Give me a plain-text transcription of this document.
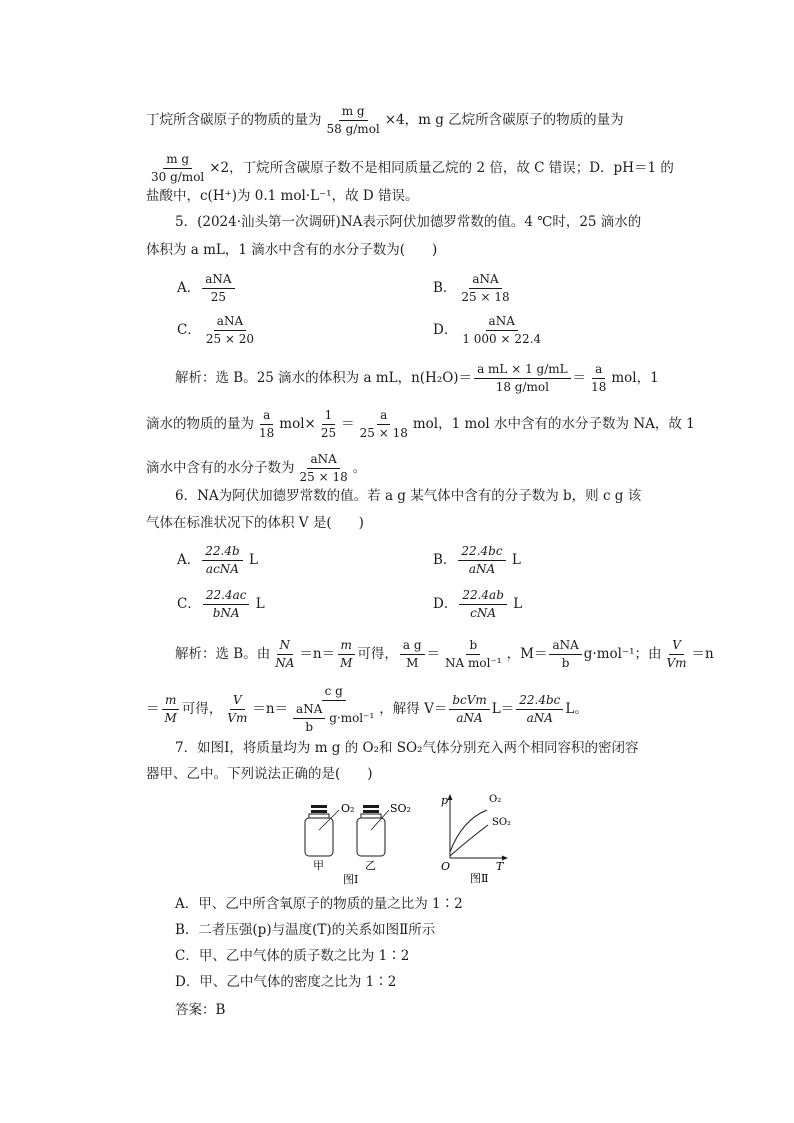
丁烷所含碳原子的物质的量为 $\frac{\text{m g}}{\text{58 g/mol}} \times 4$，m g 乙烷所含碳原子的物质的量为
$\frac{\text{m g}}{\text{30 g/mol}} \times 2$，丁烷所含碳原子数不是相同质量乙烷的 2 倍，故 C 错误；D．pH＝1 的
盐酸中，c(H⁺)为 0.1 mol·L⁻¹，故 D 错误。
5．(2024·汕头第一次调研)NA表示阿伏加德罗常数的值。4 ℃时，25 滴水的
体积为 a mL，1 滴水中含有的水分子数为(　　)
A． $\frac{\text{aNA}}{25}$	B． $\frac{\text{aNA}}{25 \times 18}$
C． $\frac{\text{aNA}}{25 \times 20}$	D． $\frac{\text{aNA}}{1 000 \times 22.4}$
解析：选 B。25 滴水的体积为 a mL，$n(H_2O)= \frac{\text{a mL × 1 g/mL}}{\text{18 g/mol}} = \frac{a}{18}$ mol，1
滴水的物质的量为 $\frac{a}{18} mol\times \frac{1}{25} = \frac{a}{25 \times 18}$ mol，1 mol 水中含有的水分子数为 NA，故 1
滴水中含有的水分子数为 $\frac{\text{aNA}}{25 \times 18}$ 。
6．NA为阿伏加德罗常数的值。若 a g 某气体中含有的分子数为 b，则 c g 该
气体在标准状况下的体积 V 是(　　)
A． $\frac{22.4b}{\text{acNA}}$ L	B． $\frac{22.4bc}{\text{aNA}}$ L
C． $\frac{22.4ac}{\text{bNA}}$ L	D． $\frac{22.4ab}{\text{cNA}}$ L
解析：选 B。由 $\frac{N}{NA} =n= \frac{m}{M}$ 可得， $\frac{\text{a g}}{M} = \frac{b}{\text{NA mol⁻¹}}$ ，$M= \frac{\text{aNA}}{b} g\cdot mol^{-1}$；由 $\frac{V}{Vm} =n$
＝ $\frac{m}{M}$ 可得， $\frac{V}{Vm} =n= \frac{\text{c g}}{\frac{\text{aNA}}{b} g\cdot mol^{-1}}$ ，解得 $V= \frac{\text{bcVm}}{\text{aNA}} L= \frac{22.4bc}{\text{aNA}}$ L。
7．如图Ⅰ，将质量均为 m g 的 O₂和 SO₂气体分别充入两个相同容积的密闭容
器甲、乙中。下列说法正确的是(　　)
O₂	SO₂
甲	乙
图Ⅰ
p
T
O
O₂
SO₂
图Ⅱ
A．甲、乙中所含氧原子的物质的量之比为 1∶2
B．二者压强(p)与温度(T)的关系如图Ⅱ所示
C．甲、乙中气体的质子数之比为 1∶2
D．甲、乙中气体的密度之比为 1∶2
答案：B
